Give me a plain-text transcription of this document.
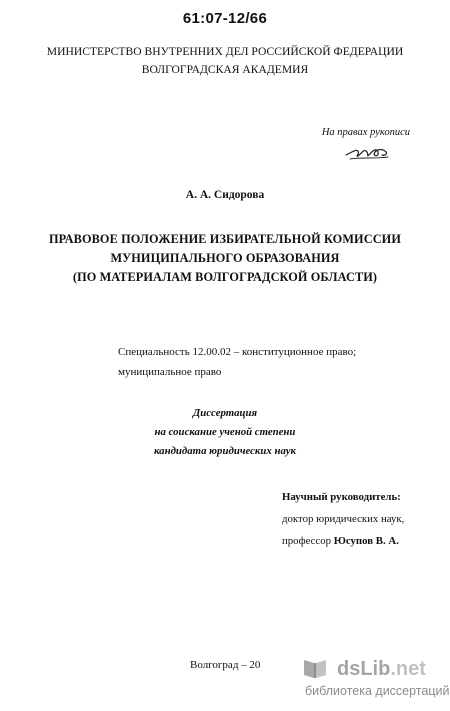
61:07-12/66
МИНИСТЕРСТВО ВНУТРЕННИХ ДЕЛ РОССИЙСКОЙ ФЕДЕРАЦИИ
ВОЛГОГРАДСКАЯ АКАДЕМИЯ
На правах рукописи
А. А. Сидорова
ПРАВОВОЕ ПОЛОЖЕНИЕ ИЗБИРАТЕЛЬНОЙ КОМИССИИ
МУНИЦИПАЛЬНОГО ОБРАЗОВАНИЯ
(ПО МАТЕРИАЛАМ ВОЛГОГРАДСКОЙ ОБЛАСТИ)
Специальность 12.00.02 – конституционное право;
муниципальное право
Диссертация
на соискание ученой степени
кандидата юридических наук
Научный руководитель:
доктор юридических наук,
профессор Юсупов В. А.
Волгоград – 20	dsLib.net
библиотека диссертаций
